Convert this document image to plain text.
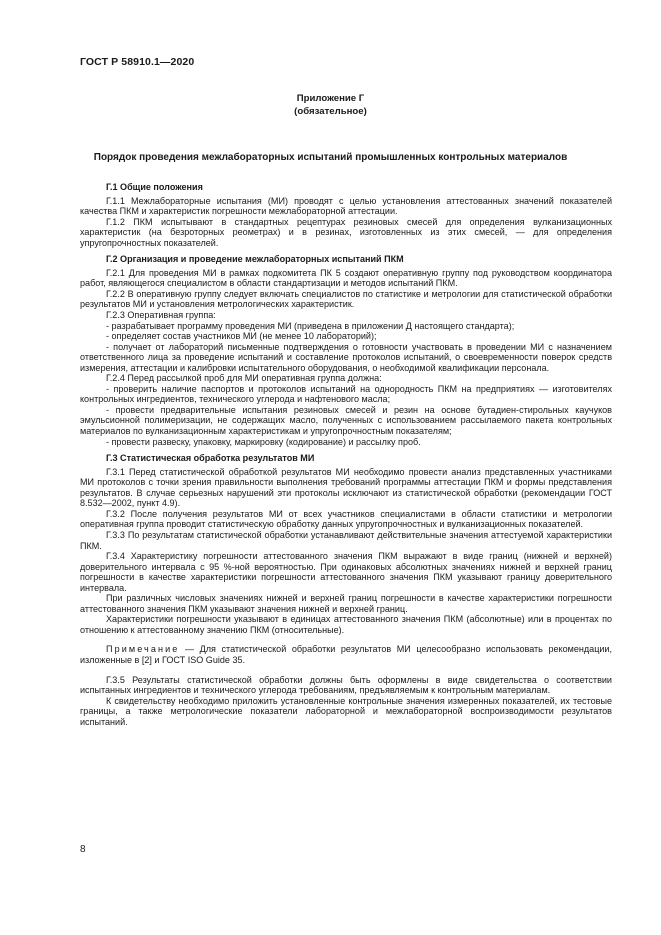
ГОСТ Р 58910.1—2020
Приложение Г
(обязательное)
Порядок проведения межлабораторных испытаний промышленных контрольных материалов

Г.1 Общие положения

Г.1.1 Межлабораторные испытания (МИ) проводят с целью установления аттестованных значений показателей качества ПКМ и характеристик погрешности межлабораторной аттестации.

Г.1.2 ПКМ испытывают в стандартных рецептурах резиновых смесей для определения вулканизационных характеристик (на безроторных реометрах) и в резинах, изготовленных из этих смесей, — для определения упругопрочностных показателей.

Г.2 Организация и проведение межлабораторных испытаний ПКМ

Г.2.1 Для проведения МИ в рамках подкомитета ПК 5 создают оперативную группу под руководством координатора работ, являющегося специалистом в области стандартизации и методов испытаний ПКМ.

Г.2.2 В оперативную группу следует включать специалистов по статистике и метрологии для статистической обработки результатов МИ и установления метрологических характеристик.

Г.2.3 Оперативная группа:

- разрабатывает программу проведения МИ (приведена в приложении Д настоящего стандарта);

- определяет состав участников МИ (не менее 10 лабораторий);

- получает от лабораторий письменные подтверждения о готовности участвовать в проведении МИ с назначением ответственного лица за проведение испытаний и составление протоколов испытаний, о своевременности поверок средств измерения, аттестации и калибровки испытательного оборудования, о необходимой квалификации персонала.

Г.2.4 Перед рассылкой проб для МИ оперативная группа должна:

- проверить наличие паспортов и протоколов испытаний на однородность ПКМ на предприятиях — изготовителях контрольных ингредиентов, технического углерода и нафтенового масла;

- провести предварительные испытания резиновых смесей и резин на основе бутадиен-стирольных каучуков эмульсионной полимеризации, не содержащих масло, полученных с использованием рассылаемого пакета контрольных материалов по вулканизационным характеристикам и упругопрочностным показателям;

- провести развеску, упаковку, маркировку (кодирование) и рассылку проб.

Г.3 Статистическая обработка результатов МИ

Г.3.1 Перед статистической обработкой результатов МИ необходимо провести анализ представленных участниками МИ протоколов с точки зрения правильности выполнения требований программы аттестации ПКМ и формы представления результатов. В случае серьезных нарушений эти протоколы исключают из статистической обработки (рекомендации ГОСТ 8.532—2002, пункт 4.9).

Г.3.2 После получения результатов МИ от всех участников специалистами в области статистики и метрологии оперативная группа проводит статистическую обработку данных упругопрочностных и вулканизационных показателей.

Г.3.3 По результатам статистической обработки устанавливают действительные значения аттестуемой характеристики ПКМ.

Г.3.4 Характеристику погрешности аттестованного значения ПКМ выражают в виде границ (нижней и верхней) доверительного интервала с 95 %-ной вероятностью. При одинаковых абсолютных значениях нижней и верхней границ погрешности в качестве характеристики погрешности аттестованного значения ПКМ указывают границу доверительного интервала.

При различных числовых значениях нижней и верхней границ погрешности в качестве характеристики погрешности аттестованного значения ПКМ указывают значения нижней и верхней границ.

Характеристики погрешности указывают в единицах аттестованного значения ПКМ (абсолютные) или в процентах по отношению к аттестованному значению ПКМ (относительные).

Примечание — Для статистической обработки результатов МИ целесообразно использовать рекомендации, изложенные в [2] и ГОСТ ISO Guide 35.

Г.3.5 Результаты статистической обработки должны быть оформлены в виде свидетельства о соответствии испытанных ингредиентов и технического углерода требованиям, предъявляемым к контрольным материалам.

К свидетельству необходимо приложить установленные контрольные значения измеренных показателей, их тестовые границы, а также метрологические показатели лабораторной и межлабораторной воспроизводимости результатов испытаний.

8
